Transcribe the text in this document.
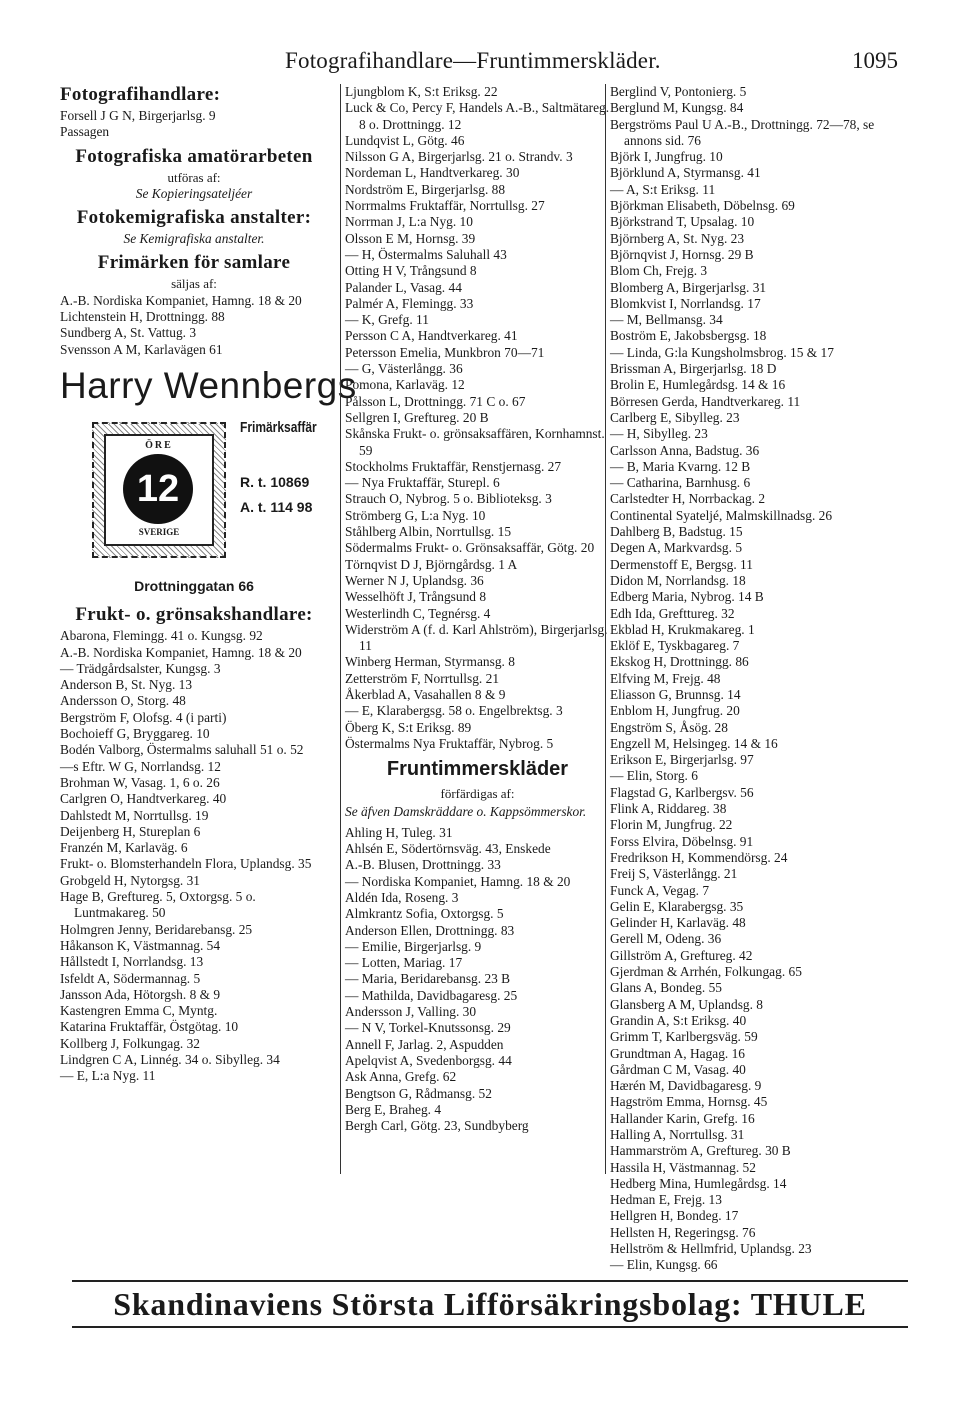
Fotografihandlare—Fruntimmerskläder.	1095
Fotografihandlare:
Forsell J G N, Birgerjarlsg. 9
Passagen
Fotografiska amatörarbeten
utföras af:
Se Kopieringsateljéer
Fotokemigrafiska anstalter:
Se Kemigrafiska anstalter.
Frimärken för samlare
säljas af:
A.-B. Nordiska Kompaniet, Hamng. 18 & 20
Lichtenstein H, Drottningg. 88
Sundberg A, St. Vattug. 3
Svensson A M, Karlavägen 61
Harry Wennbergs
ÖRE
12
SVERIGE
Frimärksaffär
R. t. 10869
A. t. 114 98
Drottninggatan 66
Frukt- o. grönsakshandlare:
Abarona, Flemingg. 41 o. Kungsg. 92
A.-B. Nordiska Kompaniet, Hamng. 18 & 20
— Trädgårdsalster, Kungsg. 3
Anderson B, St. Nyg. 13
Andersson O, Storg. 48
Bergström F, Olofsg. 4 (i parti)
Bochoieff G, Bryggareg. 10
Bodén Valborg, Östermalms saluhall 51 o. 52
—s Eftr. W G, Norrlandsg. 12
Brohman W, Vasag. 1, 6 o. 26
Carlgren O, Handtverkareg. 40
Dahlstedt M, Norrtullsg. 19
Deijenberg H, Stureplan 6
Franzén M, Karlaväg. 6
Frukt- o. Blomsterhandeln Flora, Uplandsg. 35
Grobgeld H, Nytorgsg. 31
Hage B, Greftureg. 5, Oxtorgsg. 5 o. Luntmakareg. 50
Holmgren Jenny, Beridarebansg. 25
Håkanson K, Västmannag. 54
Hållstedt I, Norrlandsg. 13
Isfeldt A, Södermannag. 5
Jansson Ada, Hötorgsh. 8 & 9
Kastengren Emma C, Myntg.
Katarina Fruktaffär, Östgötag. 10
Kollberg J, Folkungag. 32
Lindgren C A, Linnég. 34 o. Sibylleg. 34
— E, L:a Nyg. 11
Ljungblom K, S:t Eriksg. 22
Luck & Co, Percy F, Handels A.-B., Saltmätareg. 8 o. Drottningg. 12
Lundqvist L, Götg. 46
Nilsson G A, Birgerjarlsg. 21 o. Strandv. 3
Nordeman L, Handtverkareg. 30
Nordström E, Birgerjarlsg. 88
Norrmalms Fruktaffär, Norrtullsg. 27
Norrman J, L:a Nyg. 10
Olsson E M, Hornsg. 39
— H, Östermalms Saluhall 43
Otting H V, Trångsund 8
Palander L, Vasag. 44
Palmér A, Flemingg. 33
— K, Grefg. 11
Persson C A, Handtverkareg. 41
Petersson Emelia, Munkbron 70—71
— G, Västerlångg. 36
Pomona, Karlaväg. 12
Pålsson L, Drottningg. 71 C o. 67
Sellgren I, Greftureg. 20 B
Skånska Frukt- o. grönsaksaffären, Kornhamnst. 59
Stockholms Fruktaffär, Renstjernasg. 27
— Nya Fruktaffär, Sturepl. 6
Strauch O, Nybrog. 5 o. Biblioteksg. 3
Strömberg G, L:a Nyg. 10
Ståhlberg Albin, Norrtullsg. 15
Södermalms Frukt- o. Grönsaksaffär, Götg. 20
Törnqvist D J, Björngårdsg. 1 A
Werner N J, Uplandsg. 36
Wesselhöft J, Trångsund 8
Westerlindh C, Tegnérsg. 4
Widerström A (f. d. Karl Ahlström), Birgerjarlsg. 11
Winberg Herman, Styrmansg. 8
Zetterström F, Norrtullsg. 21
Åkerblad A, Vasahallen 8 & 9
— E, Klarabergsg. 58 o. Engelbrektsg. 3
Öberg K, S:t Eriksg. 89
Östermalms Nya Fruktaffär, Nybrog. 5
Fruntimmerskläder
förfärdigas af:
Se äfven Damskräddare o. Kappsömmerskor.
Ahling H, Tuleg. 31
Ahlsén E, Södertörnsväg. 43, Enskede
A.-B. Blusen, Drottningg. 33
— Nordiska Kompaniet, Hamng. 18 & 20
Aldén Ida, Roseng. 3
Almkrantz Sofia, Oxtorgsg. 5
Anderson Ellen, Drottningg. 83
— Emilie, Birgerjarlsg. 9
— Lotten, Mariag. 17
— Maria, Beridarebansg. 23 B
— Mathilda, Davidbagaresg. 25
Andersson J, Valling. 30
— N V, Torkel-Knutssonsg. 29
Annell F, Jarlag. 2, Aspudden
Apelqvist A, Svedenborgsg. 44
Ask Anna, Grefg. 62
Bengtson G, Rådmansg. 52
Berg E, Braheg. 4
Bergh Carl, Götg. 23, Sundbyberg
Berglind V, Pontonierg. 5
Berglund M, Kungsg. 84
Bergströms Paul U A.-B., Drottningg. 72—78, se annons sid. 76
Björk I, Jungfrug. 10
Björklund A, Styrmansg. 41
— A, S:t Eriksg. 11
Björkman Elisabeth, Döbelnsg. 69
Björkstrand T, Upsalag. 10
Björnberg A, St. Nyg. 23
Björnqvist J, Hornsg. 29 B
Blom Ch, Frejg. 3
Blomberg A, Birgerjarlsg. 31
Blomkvist I, Norrlandsg. 17
— M, Bellmansg. 34
Boström E, Jakobsbergsg. 18
— Linda, G:la Kungsholmsbrog. 15 & 17
Brissman A, Birgerjarlsg. 18 D
Brolin E, Humlegårdsg. 14 & 16
Börresen Gerda, Handtverkareg. 11
Carlberg E, Sibylleg. 23
— H, Sibylleg. 23
Carlsson Anna, Badstug. 36
— B, Maria Kvarng. 12 B
— Catharina, Barnhusg. 6
Carlstedter H, Norrbackag. 2
Continental Syateljé, Malmskillnadsg. 26
Dahlberg B, Badstug. 15
Degen A, Markvardsg. 5
Dermenstoff E, Bergsg. 11
Didon M, Norrlandsg. 18
Edberg Maria, Nybrog. 14 B
Edh Ida, Grefttureg. 32
Ekblad H, Krukmakareg. 1
Eklöf E, Tyskbagareg. 7
Ekskog H, Drottningg. 86
Elfving M, Frejg. 48
Eliasson G, Brunnsg. 14
Enblom H, Jungfrug. 20
Engström S, Åsög. 28
Engzell M, Helsingeg. 14 & 16
Erikson E, Birgerjarlsg. 97
— Elin, Storg. 6
Flagstad G, Karlbergsv. 56
Flink A, Riddareg. 38
Florin M, Jungfrug. 22
Forss Elvira, Döbelnsg. 91
Fredrikson H, Kommendörsg. 24
Freij S, Västerlångg. 21
Funck A, Vegag. 7
Gelin E, Klarabergsg. 35
Gelinder H, Karlaväg. 48
Gerell M, Odeng. 36
Gillström A, Greftureg. 42
Gjerdman & Arrhén, Folkungag. 65
Glans A, Bondeg. 55
Glansberg A M, Uplandsg. 8
Grandin A, S:t Eriksg. 40
Grimm T, Karlbergsväg. 59
Grundtman A, Hagag. 16
Gårdman C M, Vasag. 40
Hærén M, Davidbagaresg. 9
Hagström Emma, Hornsg. 45
Hallander Karin, Grefg. 16
Halling A, Norrtullsg. 31
Hammarström A, Greftureg. 30 B
Hassila H, Västmannag. 52
Hedberg Mina, Humlegårdsg. 14
Hedman E, Frejg. 13
Hellgren H, Bondeg. 17
Hellsten H, Regeringsg. 76
Hellström & Hellmfrid, Uplandsg. 23
— Elin, Kungsg. 66
Skandinaviens Största Lifförsäkringsbolag: THULE
